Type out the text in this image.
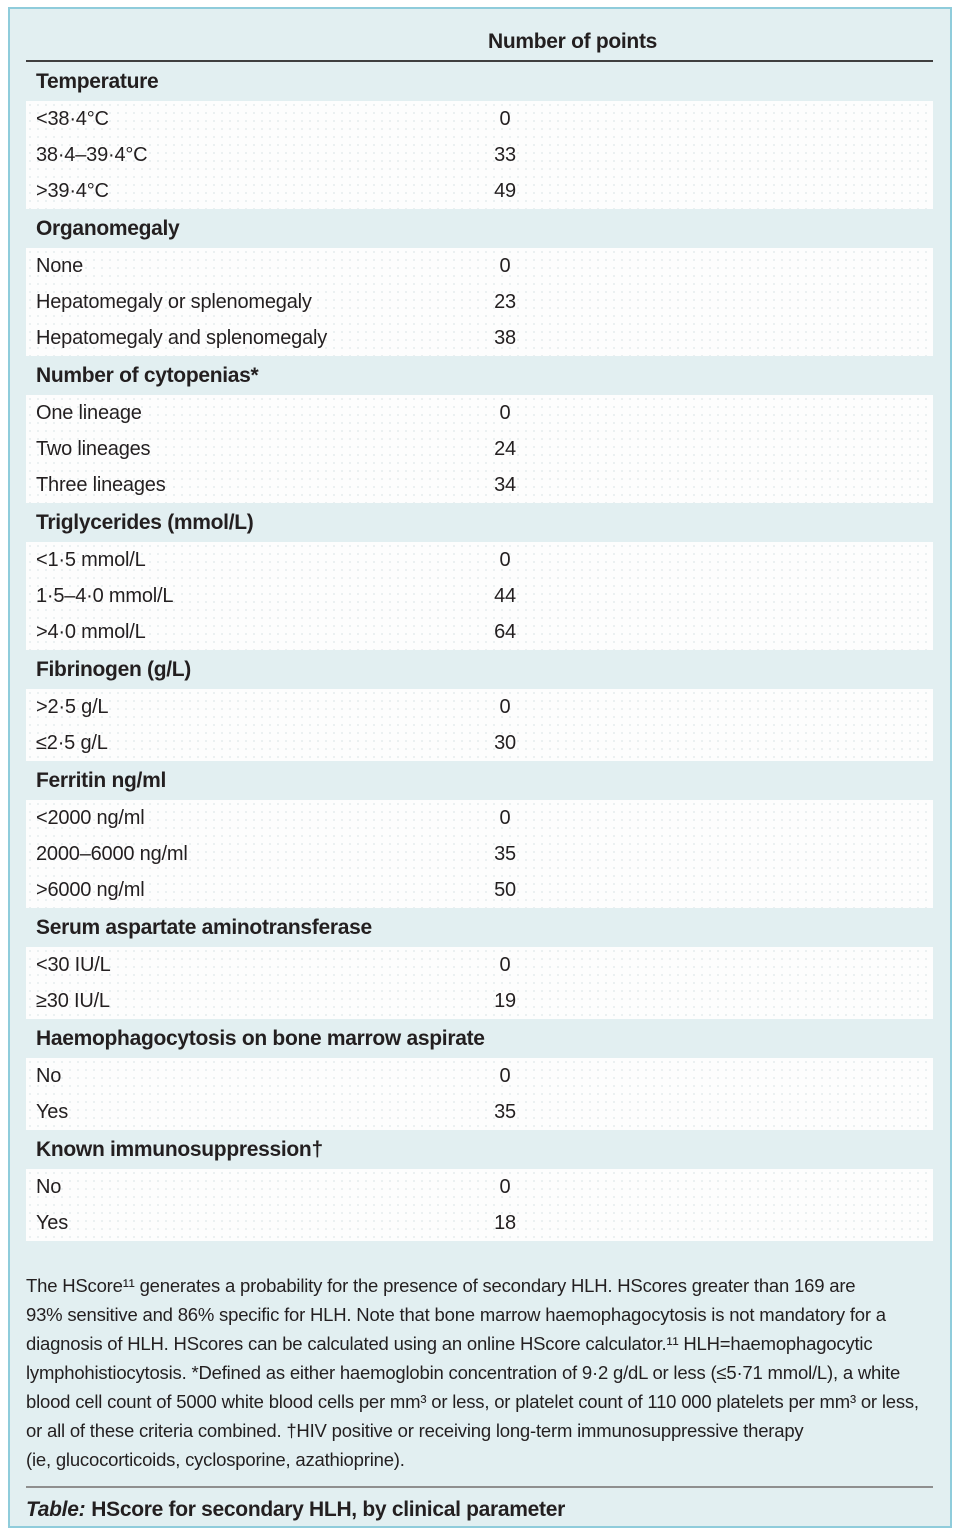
Number of points
Temperature
<38·4°C	0
38·4–39·4°C	33
>39·4°C	49
Organomegaly
None	0
Hepatomegaly or splenomegaly	23
Hepatomegaly and splenomegaly	38
Number of cytopenias*
One lineage	0
Two lineages	24
Three lineages	34
Triglycerides (mmol/L)
<1·5 mmol/L	0
1·5–4·0 mmol/L	44
>4·0 mmol/L	64
Fibrinogen (g/L)
>2·5 g/L	0
≤2·5 g/L	30
Ferritin ng/ml
<2000 ng/ml	0
2000–6000 ng/ml	35
>6000 ng/ml	50
Serum aspartate aminotransferase
<30 IU/L	0
≥30 IU/L	19
Haemophagocytosis on bone marrow aspirate
No	0
Yes	35
Known immunosuppression†
No	0
Yes	18
The HScore¹¹ generates a probability for the presence of secondary HLH. HScores greater than 169 are
93% sensitive and 86% specific for HLH. Note that bone marrow haemophagocytosis is not mandatory for a
diagnosis of HLH. HScores can be calculated using an online HScore calculator.¹¹ HLH=haemophagocytic
lymphohistiocytosis. *Defined as either haemoglobin concentration of 9·2 g/dL or less (≤5·71 mmol/L), a white
blood cell count of 5000 white blood cells per mm³ or less, or platelet count of 110 000 platelets per mm³ or less,
or all of these criteria combined. †HIV positive or receiving long-term immunosuppressive therapy
(ie, glucocorticoids, cyclosporine, azathioprine).
Table: HScore for secondary HLH, by clinical parameter
